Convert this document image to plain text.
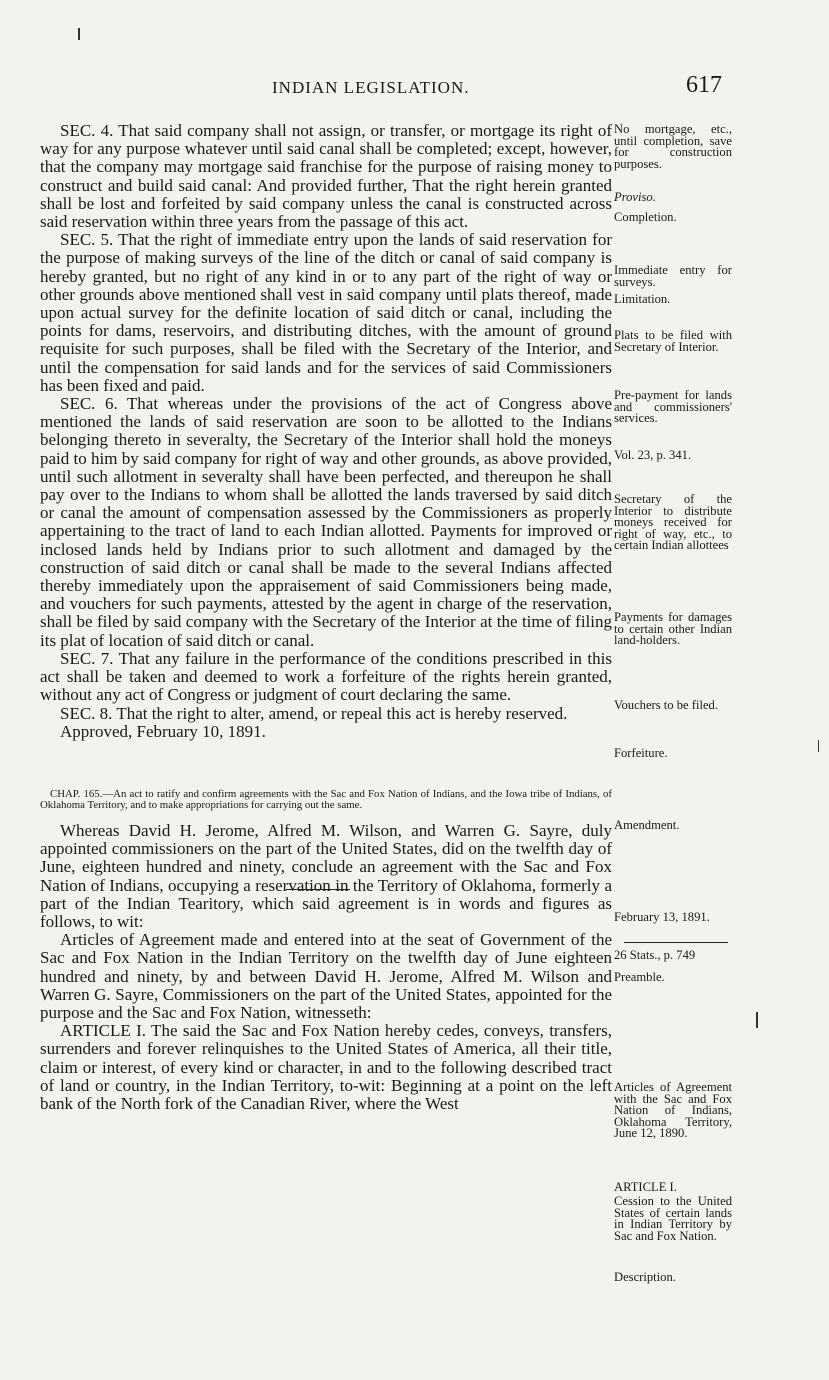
INDIAN LEGISLATION.	617

SEC. 4. That said company shall not assign, or transfer, or mortgage its right of way for any purpose whatever until said canal shall be completed; except, however, that the company may mortgage said franchise for the purpose of raising money to construct and build said canal: And provided further, That the right herein granted shall be lost and forfeited by said company unless the canal is constructed across said reservation within three years from the passage of this act.

SEC. 5. That the right of immediate entry upon the lands of said reservation for the purpose of making surveys of the line of the ditch or canal of said company is hereby granted, but no right of any kind in or to any part of the right of way or other grounds above mentioned shall vest in said company until plats thereof, made upon actual survey for the definite location of said ditch or canal, including the points for dams, reservoirs, and distributing ditches, with the amount of ground requisite for such purposes, shall be filed with the Secretary of the Interior, and until the compensation for said lands and for the services of said Commissioners has been fixed and paid.

SEC. 6. That whereas under the provisions of the act of Congress above mentioned the lands of said reservation are soon to be allotted to the Indians belonging thereto in severalty, the Secretary of the Interior shall hold the moneys paid to him by said company for right of way and other grounds, as above provided, until such allotment in severalty shall have been perfected, and thereupon he shall pay over to the Indians to whom shall be allotted the lands traversed by said ditch or canal the amount of compensation assessed by the Commissioners as properly appertaining to the tract of land to each Indian allotted. Payments for improved or inclosed lands held by Indians prior to such allotment and damaged by the construction of said ditch or canal shall be made to the several Indians affected thereby immediately upon the appraisement of said Commissioners being made, and vouchers for such payments, attested by the agent in charge of the reservation, shall be filed by said company with the Secretary of the Interior at the time of filing its plat of location of said ditch or canal.

SEC. 7. That any failure in the performance of the conditions prescribed in this act shall be taken and deemed to work a forfeiture of the rights herein granted, without any act of Congress or judgment of court declaring the same.

SEC. 8. That the right to alter, amend, or repeal this act is hereby reserved.

Approved, February 10, 1891.

CHAP. 165.—An act to ratify and confirm agreements with the Sac and Fox Nation of Indians, and the Iowa tribe of Indians, of Oklahoma Territory, and to make appropriations for carrying out the same.

Whereas David H. Jerome, Alfred M. Wilson, and Warren G. Sayre, duly appointed commissioners on the part of the United States, did on the twelfth day of June, eighteen hundred and ninety, conclude an agreement with the Sac and Fox Nation of Indians, occupying a reservation in the Territory of Oklahoma, formerly a part of the Indian Tearitory, which said agreement is in words and figures as follows, to wit:

Articles of Agreement made and entered into at the seat of Government of the Sac and Fox Nation in the Indian Territory on the twelfth day of June eighteen hundred and ninety, by and between David H. Jerome, Alfred M. Wilson and Warren G. Sayre, Commissioners on the part of the United States, appointed for the purpose and the Sac and Fox Nation, witnesseth:

ARTICLE I. The said the Sac and Fox Nation hereby cedes, conveys, transfers, surrenders and forever relinquishes to the United States of America, all their title, claim or interest, of every kind or character, in and to the following described tract of land or country, in the Indian Territory, to-wit: Beginning at a point on the left bank of the North fork of the Canadian River, where the West

No mortgage, etc., until completion, save for construction purposes.
Proviso.
Completion.
Immediate entry for surveys.
Limitation.
Plats to be filed with Secretary of Interior.
Pre-payment for lands and commissioners' services.
Vol. 23, p. 341.
Secretary of the Interior to distribute moneys received for right of way, etc., to certain Indian allottees
Payments for damages to certain other Indian land-holders.
Vouchers to be filed.
Forfeiture.
Amendment.
February 13, 1891.
26 Stats., p. 749
Preamble.
Articles of Agreement with the Sac and Fox Nation of Indians, Oklahoma Territory, June 12, 1890.
ARTICLE I.
Cession to the United States of certain lands in Indian Territory by Sac and Fox Nation.
Description.
